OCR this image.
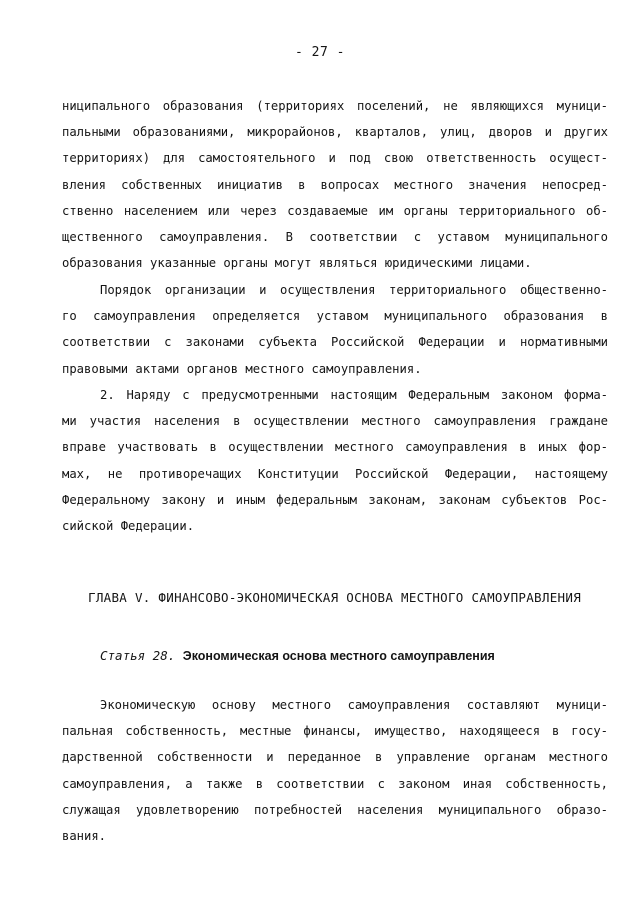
- 27 -
ниципального образования (территориях поселений, не являющихся муници-
пальными образованиями, микрорайонов, кварталов, улиц, дворов и других
территориях) для самостоятельного и под свою ответственность осущест-
вления собственных инициатив в вопросах местного значения непосред-
ственно населением или через создаваемые им органы территориального об-
щественного самоуправления. В соответствии с уставом муниципального
образования указанные органы могут являться юридическими лицами.
Порядок организации и осуществления территориального общественно-
го самоуправления определяется уставом муниципального образования в
соответствии с законами субъекта Российской Федерации и нормативными
правовыми актами органов местного самоуправления.
2. Наряду с предусмотренными настоящим Федеральным законом форма-
ми участия населения в осуществлении местного самоуправления граждане
вправе участвовать в осуществлении местного самоуправления в иных фор-
мах, не противоречащих Конституции Российской Федерации, настоящему
Федеральному закону и иным федеральным законам, законам субъектов Рос-
сийской Федерации.
ГЛАВА V. ФИНАНСОВО-ЭКОНОМИЧЕСКАЯ ОСНОВА МЕСТНОГО САМОУПРАВЛЕНИЯ
Статья 28. Экономическая основа местного самоуправления
Экономическую основу местного самоуправления составляют муници-
пальная собственность, местные финансы, имущество, находящееся в госу-
дарственной собственности и переданное в управление органам местного
самоуправления, а также в соответствии с законом иная собственность,
служащая удовлетворению потребностей населения муниципального образо-
вания.
